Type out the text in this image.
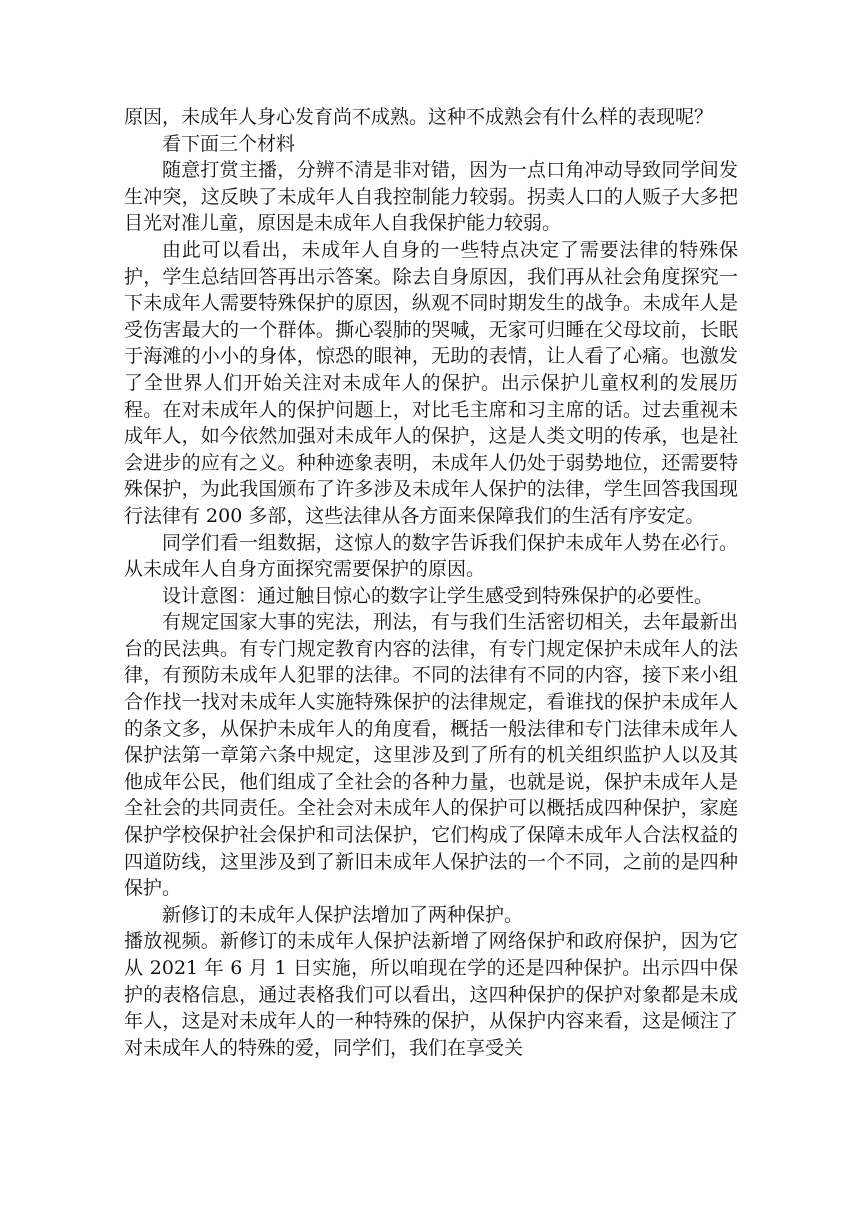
原因，未成年人身心发育尚不成熟。这种不成熟会有什么样的表现呢？

看下面三个材料

随意打赏主播，分辨不清是非对错，因为一点口角冲动导致同学间发生冲突，这反映了未成年人自我控制能力较弱。拐卖人口的人贩子大多把目光对准儿童，原因是未成年人自我保护能力较弱。

由此可以看出，未成年人自身的一些特点决定了需要法律的特殊保护，学生总结回答再出示答案。除去自身原因，我们再从社会角度探究一下未成年人需要特殊保护的原因，纵观不同时期发生的战争。未成年人是受伤害最大的一个群体。撕心裂肺的哭喊，无家可归睡在父母坟前，长眠于海滩的小小的身体，惊恐的眼神，无助的表情，让人看了心痛。也激发了全世界人们开始关注对未成年人的保护。出示保护儿童权利的发展历程。在对未成年人的保护问题上，对比毛主席和习主席的话。过去重视未成年人，如今依然加强对未成年人的保护，这是人类文明的传承，也是社会进步的应有之义。种种迹象表明，未成年人仍处于弱势地位，还需要特殊保护，为此我国颁布了许多涉及未成年人保护的法律，学生回答我国现行法律有 200 多部，这些法律从各方面来保障我们的生活有序安定。

同学们看一组数据，这惊人的数字告诉我们保护未成年人势在必行。从未成年人自身方面探究需要保护的原因。

设计意图：通过触目惊心的数字让学生感受到特殊保护的必要性。

有规定国家大事的宪法，刑法，有与我们生活密切相关，去年最新出台的民法典。有专门规定教育内容的法律，有专门规定保护未成年人的法律，有预防未成年人犯罪的法律。不同的法律有不同的内容，接下来小组合作找一找对未成年人实施特殊保护的法律规定，看谁找的保护未成年人的条文多，从保护未成年人的角度看，概括一般法律和专门法律未成年人保护法第一章第六条中规定，这里涉及到了所有的机关组织监护人以及其他成年公民，他们组成了全社会的各种力量，也就是说，保护未成年人是全社会的共同责任。全社会对未成年人的保护可以概括成四种保护，家庭保护学校保护社会保护和司法保护，它们构成了保障未成年人合法权益的四道防线，这里涉及到了新旧未成年人保护法的一个不同，之前的是四种保护。

新修订的未成年人保护法增加了两种保护。

播放视频。新修订的未成年人保护法新增了网络保护和政府保护，因为它从 2021 年 6 月 1 日实施，所以咱现在学的还是四种保护。出示四中保护的表格信息，通过表格我们可以看出，这四种保护的保护对象都是未成年人，这是对未成年人的一种特殊的保护，从保护内容来看，这是倾注了对未成年人的特殊的爱，同学们，我们在享受关
